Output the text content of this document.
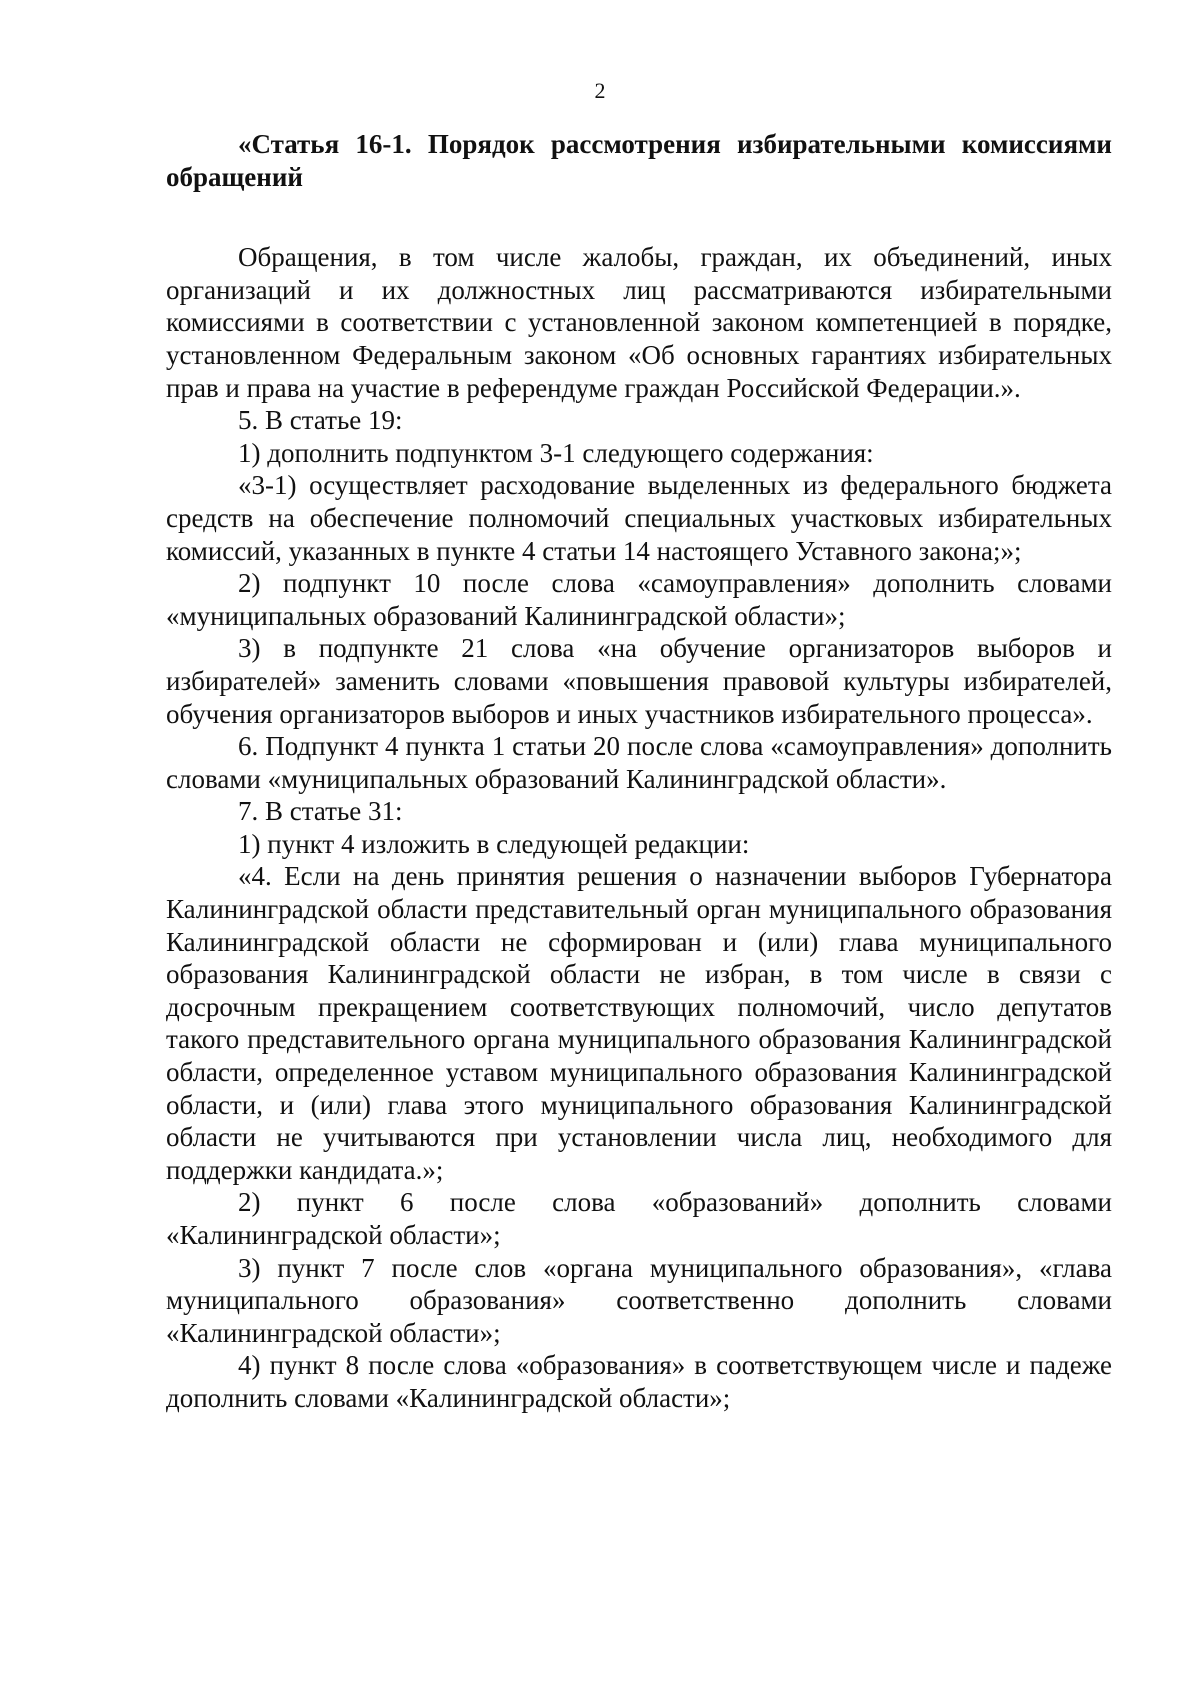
2

«Статья 16-1. Порядок рассмотрения избирательными комиссиями обращений

Обращения, в том числе жалобы, граждан, их объединений, иных организаций и их должностных лиц рассматриваются избирательными комиссиями в соответствии с установленной законом компетенцией в порядке, установленном Федеральным законом «Об основных гарантиях избирательных прав и права на участие в референдуме граждан Российской Федерации.».

5. В статье 19:

1) дополнить подпунктом 3-1 следующего содержания:

«3-1) осуществляет расходование выделенных из федерального бюджета средств на обеспечение полномочий специальных участковых избирательных комиссий, указанных в пункте 4 статьи 14 настоящего Уставного закона;»;

2) подпункт 10 после слова «самоуправления» дополнить словами «муниципальных образований Калининградской области»;

3) в подпункте 21 слова «на обучение организаторов выборов и избирателей» заменить словами «повышения правовой культуры избирателей, обучения организаторов выборов и иных участников избирательного процесса».

6. Подпункт 4 пункта 1 статьи 20 после слова «самоуправления» дополнить словами «муниципальных образований Калининградской области».

7. В статье 31:

1) пункт 4 изложить в следующей редакции:

«4. Если на день принятия решения о назначении выборов Губернатора Калининградской области представительный орган муниципального образования Калининградской области не сформирован и (или) глава муниципального образования Калининградской области не избран, в том числе в связи с досрочным прекращением соответствующих полномочий, число депутатов такого представительного органа муниципального образования Калининградской области, определенное уставом муниципального образования Калининградской области, и (или) глава этого муниципального образования Калининградской области не учитываются при установлении числа лиц, необходимого для поддержки кандидата.»;

2) пункт 6 после слова «образований» дополнить словами «Калининградской области»;

3) пункт 7 после слов «органа муниципального образования», «глава муниципального образования» соответственно дополнить словами «Калининградской области»;

4) пункт 8 после слова «образования» в соответствующем числе и падеже дополнить словами «Калининградской области»;
